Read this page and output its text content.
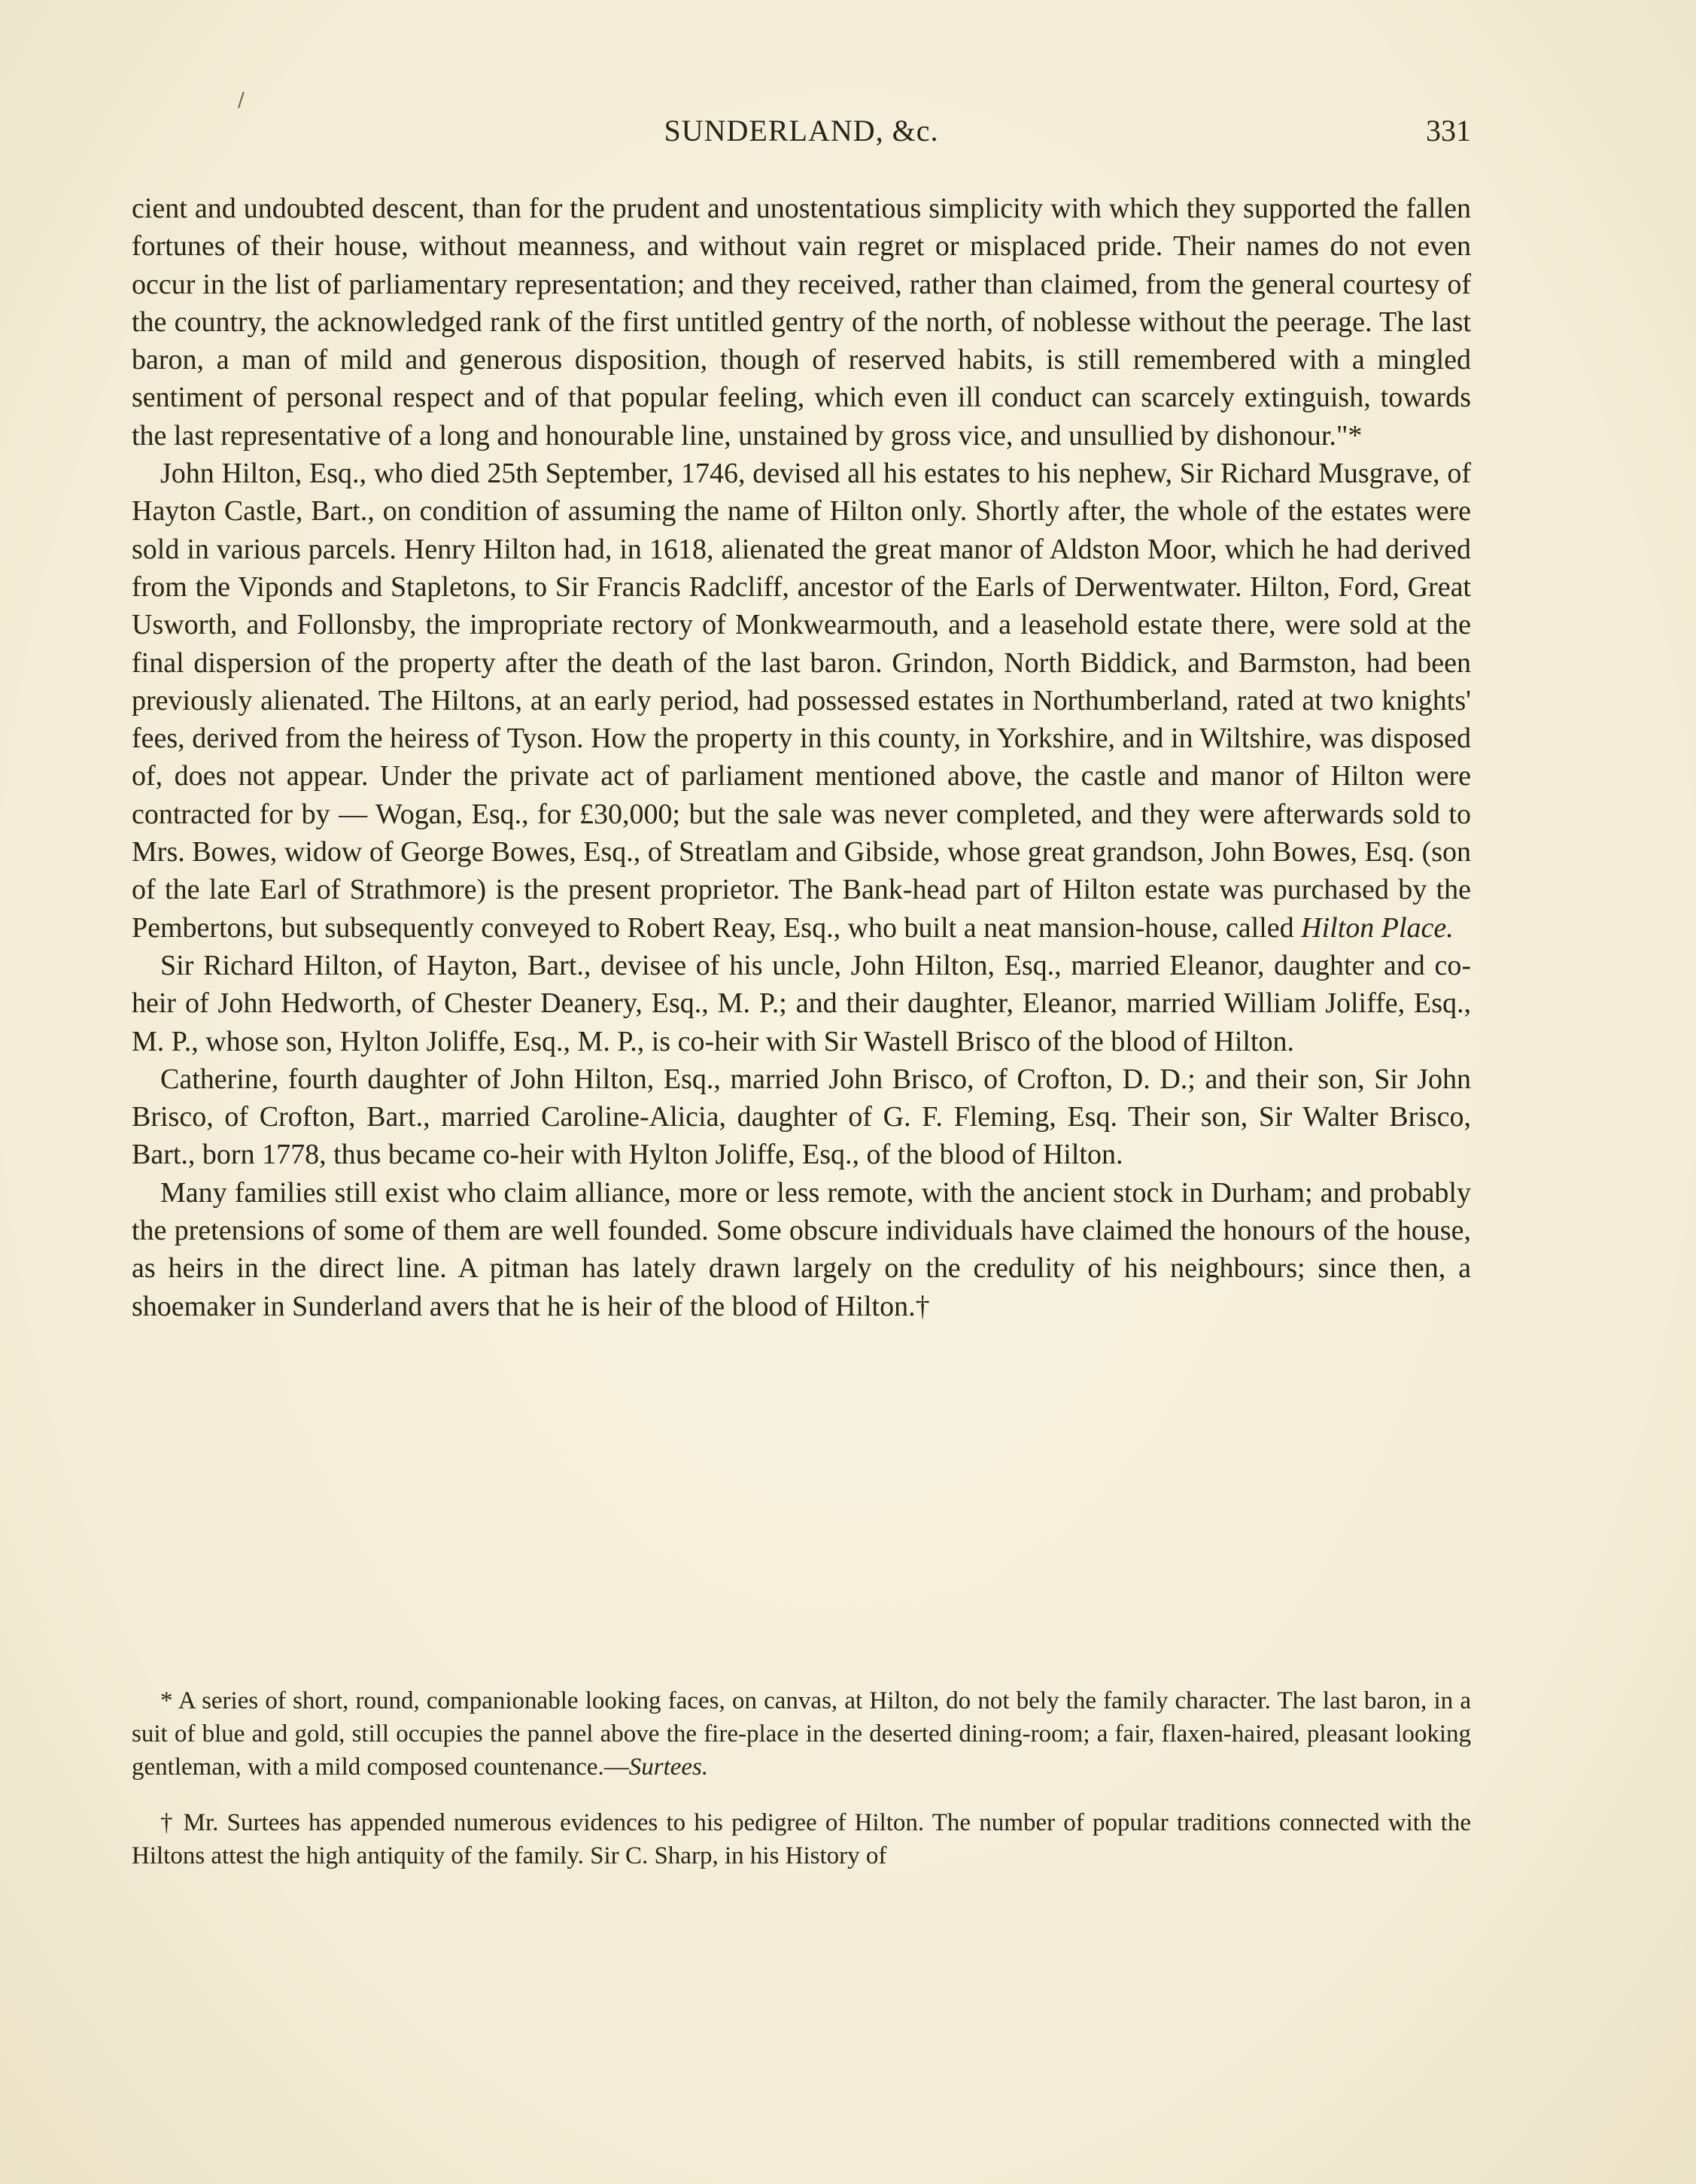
/
SUNDERLAND, &c.	331

cient and undoubted descent, than for the prudent and unostentatious simplicity with which they supported the fallen fortunes of their house, without meanness, and without vain regret or misplaced pride. Their names do not even occur in the list of parliamentary representation; and they received, rather than claimed, from the general courtesy of the country, the acknowledged rank of the first untitled gentry of the north, of noblesse without the peerage. The last baron, a man of mild and generous disposition, though of reserved habits, is still remembered with a mingled sentiment of personal respect and of that popular feeling, which even ill conduct can scarcely extinguish, towards the last representative of a long and honourable line, unstained by gross vice, and unsullied by dishonour."*

John Hilton, Esq., who died 25th September, 1746, devised all his estates to his nephew, Sir Richard Musgrave, of Hayton Castle, Bart., on condition of assuming the name of Hilton only. Shortly after, the whole of the estates were sold in various parcels. Henry Hilton had, in 1618, alienated the great manor of Aldston Moor, which he had derived from the Viponds and Stapletons, to Sir Francis Radcliff, ancestor of the Earls of Derwentwater. Hilton, Ford, Great Usworth, and Follonsby, the impropriate rectory of Monkwearmouth, and a leasehold estate there, were sold at the final dispersion of the property after the death of the last baron. Grindon, North Biddick, and Barmston, had been previously alienated. The Hiltons, at an early period, had possessed estates in Northumberland, rated at two knights' fees, derived from the heiress of Tyson. How the property in this county, in Yorkshire, and in Wiltshire, was disposed of, does not appear. Under the private act of parliament mentioned above, the castle and manor of Hilton were contracted for by — Wogan, Esq., for £30,000; but the sale was never completed, and they were afterwards sold to Mrs. Bowes, widow of George Bowes, Esq., of Streatlam and Gibside, whose great grandson, John Bowes, Esq. (son of the late Earl of Strathmore) is the present proprietor. The Bank-head part of Hilton estate was purchased by the Pembertons, but subsequently conveyed to Robert Reay, Esq., who built a neat mansion-house, called Hilton Place.

Sir Richard Hilton, of Hayton, Bart., devisee of his uncle, John Hilton, Esq., married Eleanor, daughter and co-heir of John Hedworth, of Chester Deanery, Esq., M. P.; and their daughter, Eleanor, married William Joliffe, Esq., M. P., whose son, Hylton Joliffe, Esq., M. P., is co-heir with Sir Wastell Brisco of the blood of Hilton.

Catherine, fourth daughter of John Hilton, Esq., married John Brisco, of Crofton, D. D.; and their son, Sir John Brisco, of Crofton, Bart., married Caroline-Alicia, daughter of G. F. Fleming, Esq. Their son, Sir Walter Brisco, Bart., born 1778, thus became co-heir with Hylton Joliffe, Esq., of the blood of Hilton.

Many families still exist who claim alliance, more or less remote, with the ancient stock in Durham; and probably the pretensions of some of them are well founded. Some obscure individuals have claimed the honours of the house, as heirs in the direct line. A pitman has lately drawn largely on the credulity of his neighbours; since then, a shoemaker in Sunderland avers that he is heir of the blood of Hilton.†

* A series of short, round, companionable looking faces, on canvas, at Hilton, do not bely the family character. The last baron, in a suit of blue and gold, still occupies the pannel above the fire-place in the deserted dining-room; a fair, flaxen-haired, pleasant looking gentleman, with a mild composed countenance.—Surtees.

† Mr. Surtees has appended numerous evidences to his pedigree of Hilton. The number of popular traditions connected with the Hiltons attest the high antiquity of the family. Sir C. Sharp, in his History of
